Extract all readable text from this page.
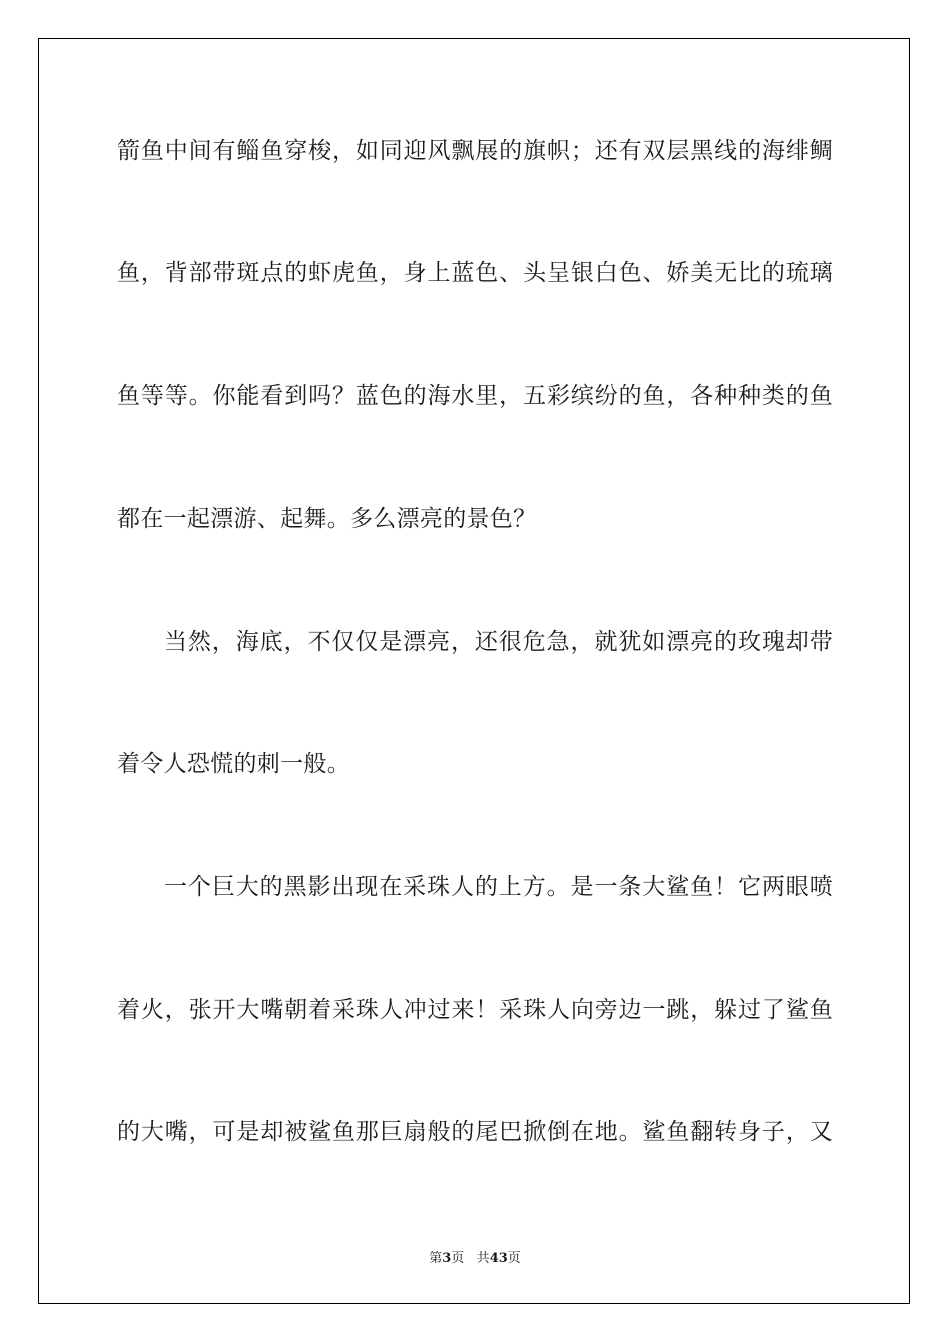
箭鱼中间有鲻鱼穿梭，如同迎风飘展的旗帜；还有双层黑线的海绯鲷
鱼，背部带斑点的虾虎鱼，身上蓝色、头呈银白色、娇美无比的琉璃
鱼等等。你能看到吗？蓝色的海水里，五彩缤纷的鱼，各种种类的鱼
都在一起漂游、起舞。多么漂亮的景色？
当然，海底，不仅仅是漂亮，还很危急，就犹如漂亮的玫瑰却带
着令人恐慌的刺一般。
一个巨大的黑影出现在采珠人的上方。是一条大鲨鱼！它两眼喷
着火，张开大嘴朝着采珠人冲过来！采珠人向旁边一跳，躲过了鲨鱼
的大嘴，可是却被鲨鱼那巨扇般的尾巴掀倒在地。鲨鱼翻转身子，又
第3页 共43页
